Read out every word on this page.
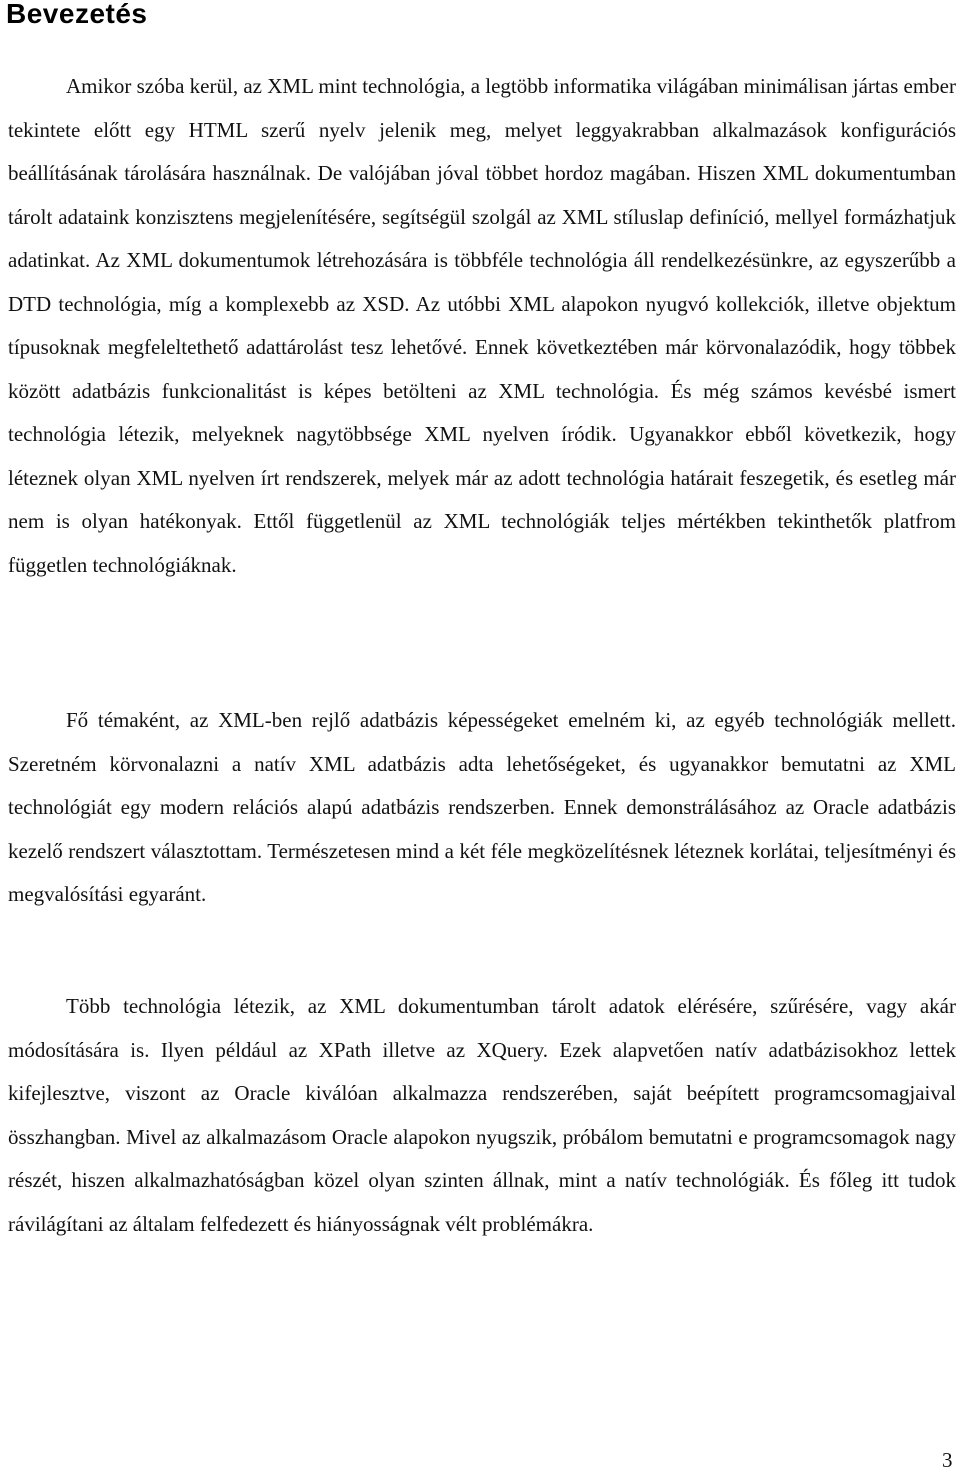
Bevezetés

Amikor szóba kerül, az XML mint technológia, a legtöbb informatika világában minimálisan jártas ember tekintete előtt egy HTML szerű nyelv jelenik meg, melyet leggyakrabban alkalmazások konfigurációs beállításának tárolására használnak. De valójában jóval többet hordoz magában. Hiszen XML dokumentumban tárolt adataink konzisztens megjelenítésére, segítségül szolgál az XML stíluslap definíció, mellyel formázhatjuk adatinkat. Az XML dokumentumok létrehozására is többféle technológia áll rendelkezésünkre, az egyszerűbb a DTD technológia, míg a komplexebb az XSD. Az utóbbi XML alapokon nyugvó kollekciók, illetve objektum típusoknak megfeleltethető adattárolást tesz lehetővé. Ennek következtében már körvonalazódik, hogy többek között adatbázis funkcionalitást is képes betölteni az XML technológia. És még számos kevésbé ismert technológia létezik, melyeknek nagytöbbsége XML nyelven íródik. Ugyanakkor ebből következik, hogy léteznek olyan XML nyelven írt rendszerek, melyek már az adott technológia határait feszegetik, és esetleg már nem is olyan hatékonyak. Ettől függetlenül az XML technológiák teljes mértékben tekinthetők platfrom független technológiáknak.

Fő témaként, az XML-ben rejlő adatbázis képességeket emelném ki, az egyéb technológiák mellett. Szeretném körvonalazni a natív XML adatbázis adta lehetőségeket, és ugyanakkor bemutatni az XML technológiát egy modern relációs alapú adatbázis rendszerben. Ennek demonstrálásához az Oracle adatbázis kezelő rendszert választottam. Természetesen mind a két féle megközelítésnek léteznek korlátai, teljesítményi és megvalósítási egyaránt.

Több technológia létezik, az XML dokumentumban tárolt adatok elérésére, szűrésére, vagy akár módosítására is. Ilyen például az XPath illetve az XQuery. Ezek alapvetően natív adatbázisokhoz lettek kifejlesztve, viszont az Oracle kiválóan alkalmazza rendszerében, saját beépített programcsomagjaival összhangban. Mivel az alkalmazásom Oracle alapokon nyugszik, próbálom bemutatni e programcsomagok nagy részét, hiszen alkalmazhatóságban közel olyan szinten állnak, mint a natív technológiák. És főleg itt tudok rávilágítani az általam felfedezett és hiányosságnak vélt problémákra.

3
